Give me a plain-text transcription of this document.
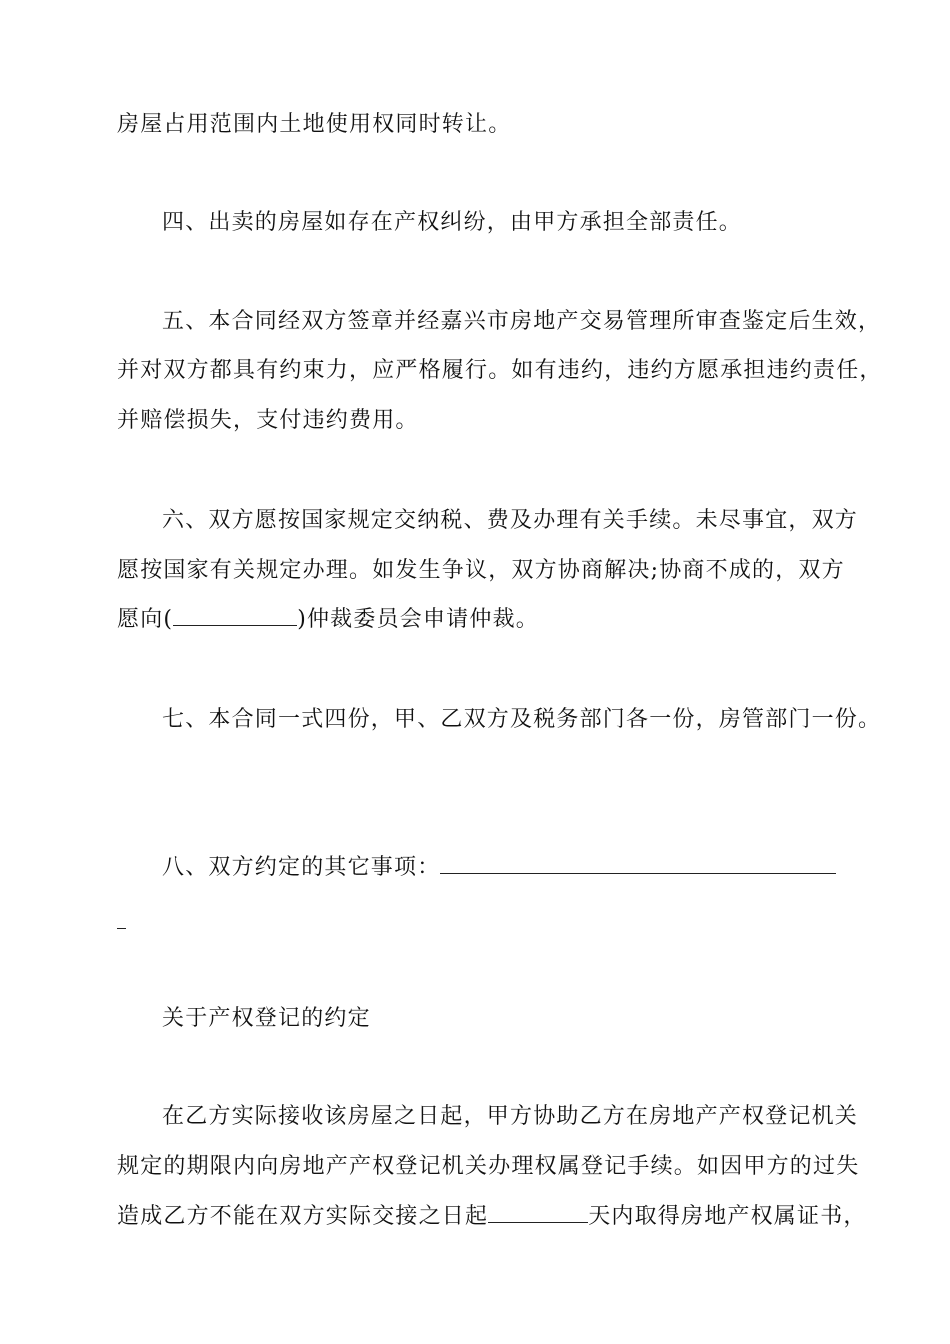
房屋占用范围内土地使用权同时转让。
四、出卖的房屋如存在产权纠纷，由甲方承担全部责任。
五、本合同经双方签章并经嘉兴市房地产交易管理所审查鉴定后生效，
并对双方都具有约束力，应严格履行。如有违约，违约方愿承担违约责任，
并赔偿损失，支付违约费用。
六、双方愿按国家规定交纳税、费及办理有关手续。未尽事宜，双方
愿按国家有关规定办理。如发生争议，双方协商解决;协商不成的，双方
愿向(	)仲裁委员会申请仲裁。
七、本合同一式四份，甲、乙双方及税务部门各一份，房管部门一份。
八、双方约定的其它事项：
关于产权登记的约定
在乙方实际接收该房屋之日起，甲方协助乙方在房地产产权登记机关
规定的期限内向房地产产权登记机关办理权属登记手续。如因甲方的过失
造成乙方不能在双方实际交接之日起	天内取得房地产权属证书，
